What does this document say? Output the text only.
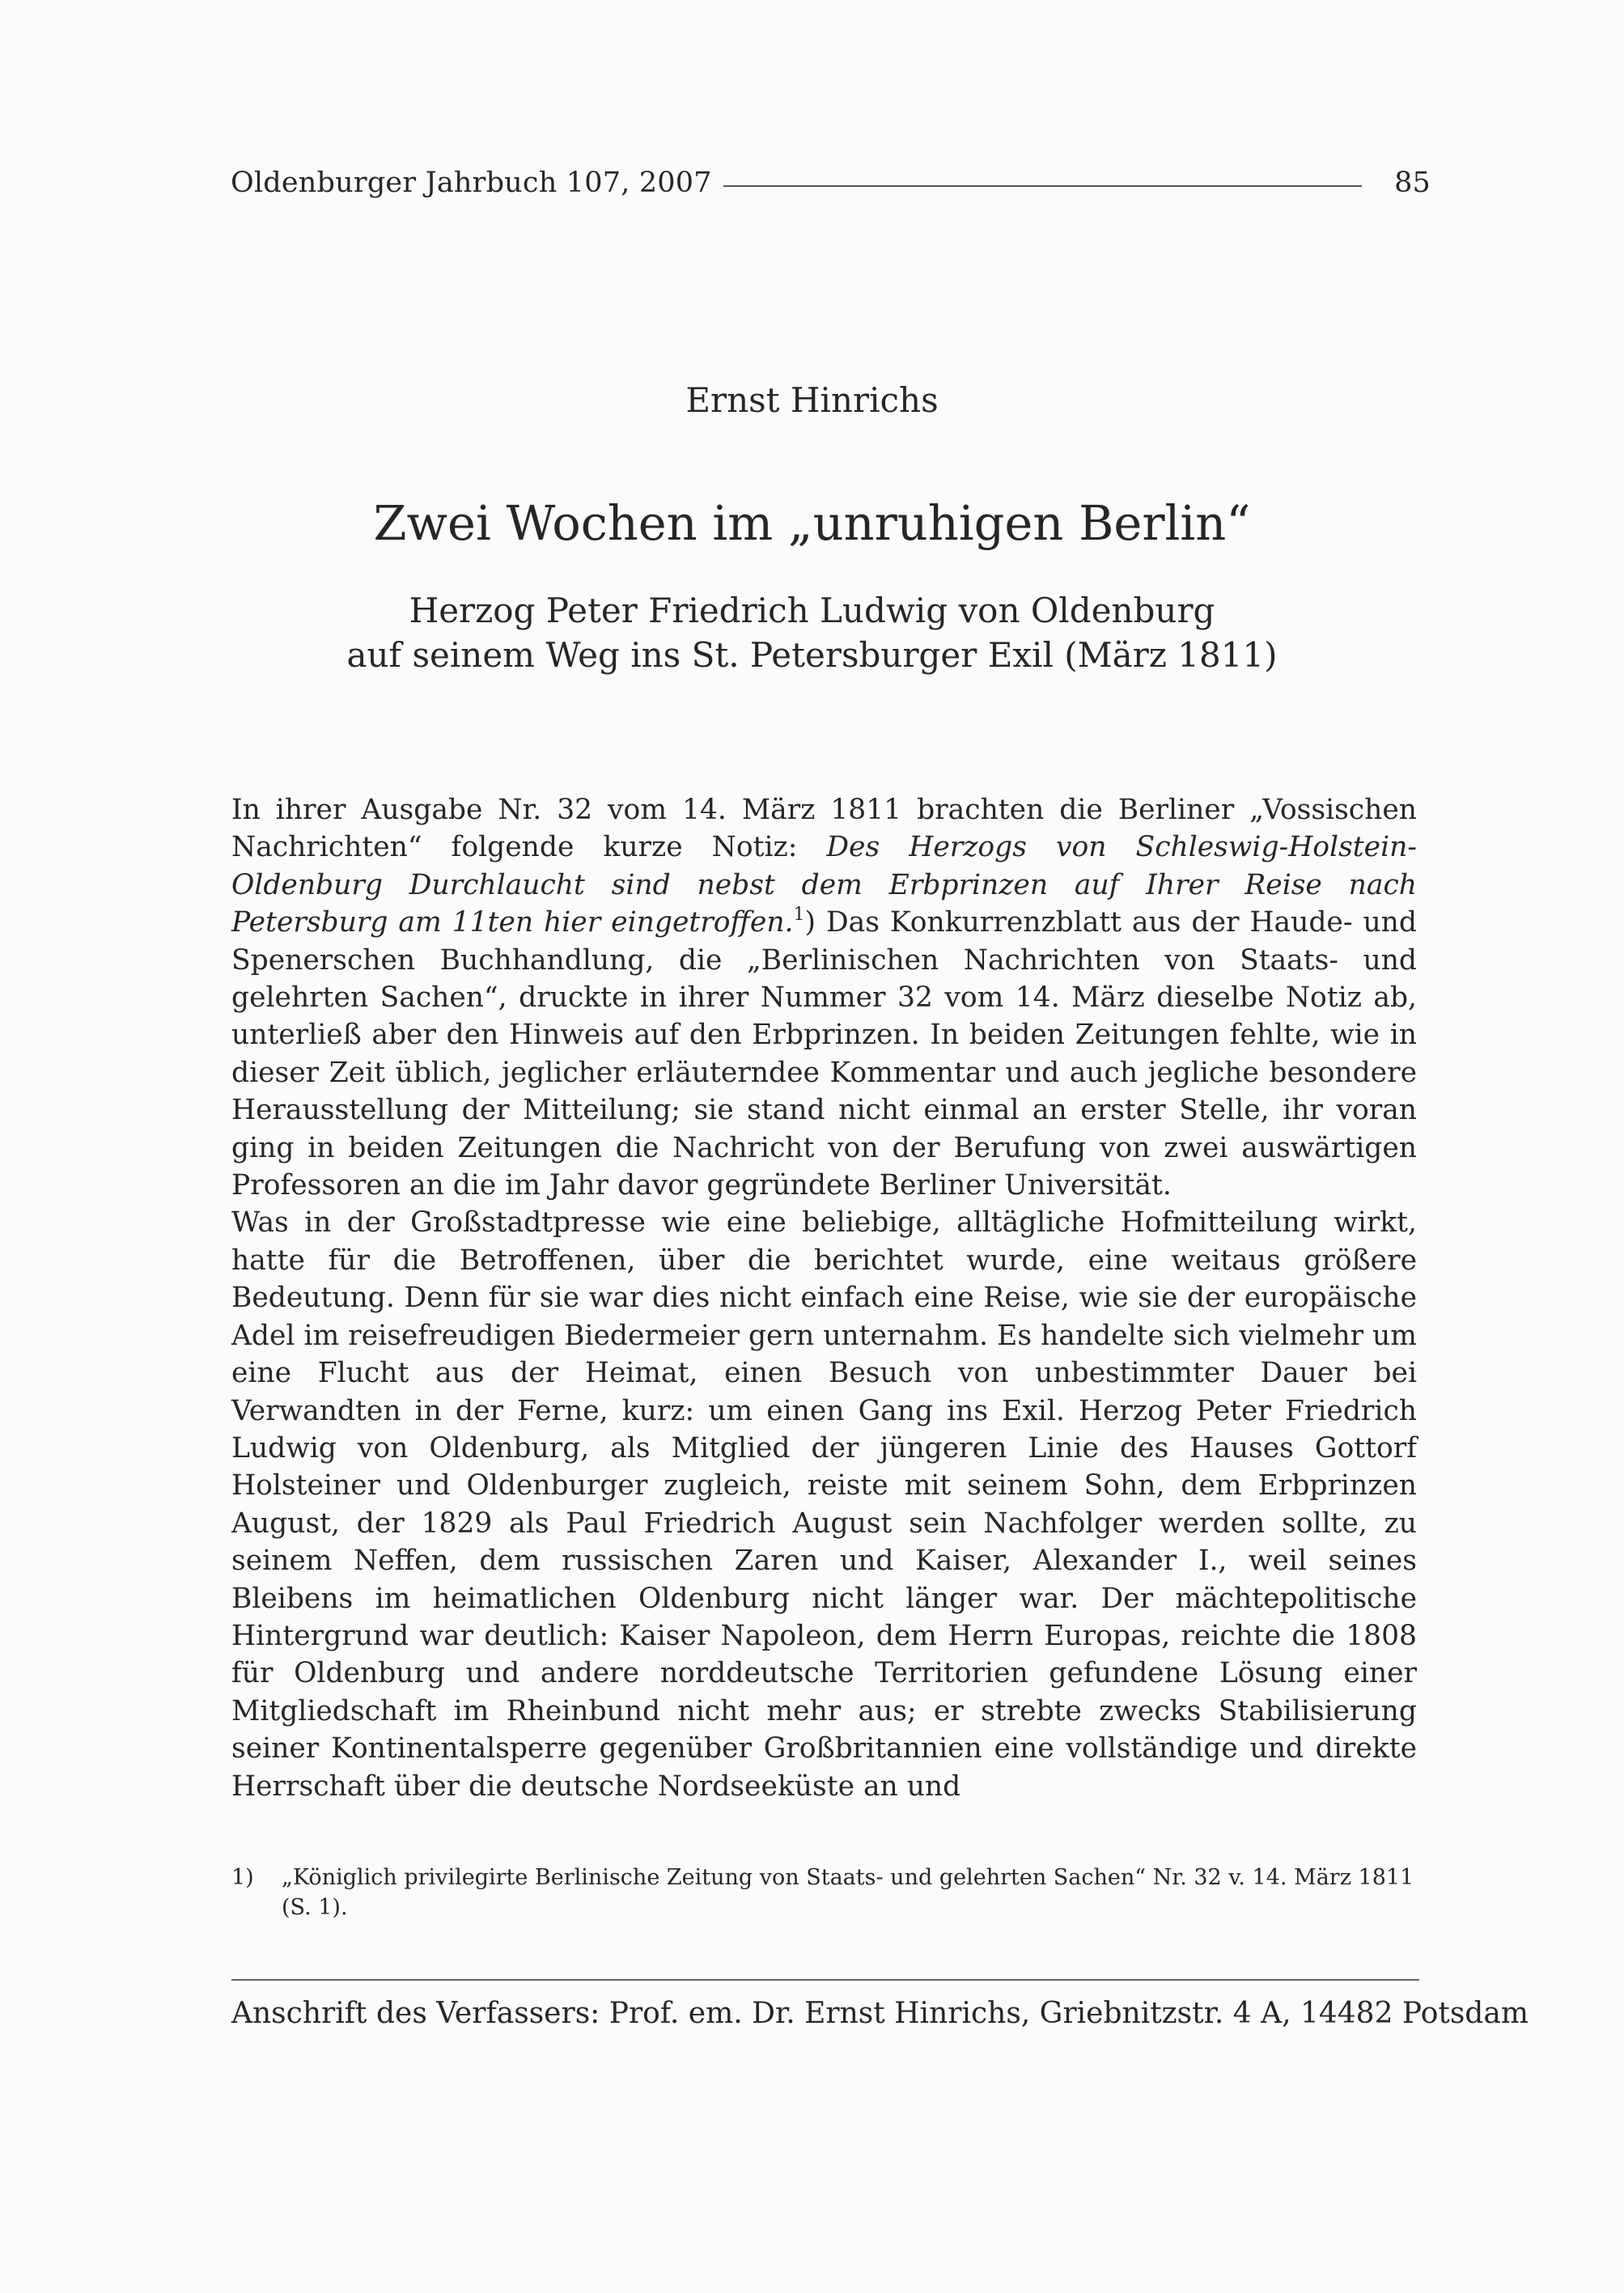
Oldenburger Jahrbuch 107, 2007	85
Ernst Hinrichs
Zwei Wochen im „unruhigen Berlin“
Herzog Peter Friedrich Ludwig von Oldenburg
auf seinem Weg ins St. Petersburger Exil (März 1811)

In ihrer Ausgabe Nr. 32 vom 14. März 1811 brachten die Berliner „Vossischen Nachrichten“ folgende kurze Notiz: Des Herzogs von Schleswig-Holstein-Oldenburg Durchlaucht sind nebst dem Erbprinzen auf Ihrer Reise nach Petersburg am 11ten hier eingetroffen.$^1$) Das Konkurrenzblatt aus der Haude- und Spenerschen Buchhandlung, die „Berlinischen Nachrichten von Staats- und gelehrten Sachen“, druckte in ihrer Nummer 32 vom 14. März dieselbe Notiz ab, unterließ aber den Hinweis auf den Erbprinzen. In beiden Zeitungen fehlte, wie in dieser Zeit üblich, jeglicher erläuterndee Kommentar und auch jegliche besondere Herausstellung der Mitteilung; sie stand nicht einmal an erster Stelle, ihr voran ging in beiden Zeitungen die Nachricht von der Berufung von zwei auswärtigen Professoren an die im Jahr davor gegründete Berliner Universität.

Was in der Großstadtpresse wie eine beliebige, alltägliche Hofmitteilung wirkt, hatte für die Betroffenen, über die berichtet wurde, eine weitaus größere Bedeutung. Denn für sie war dies nicht einfach eine Reise, wie sie der europäische Adel im reisefreudigen Biedermeier gern unternahm. Es handelte sich vielmehr um eine Flucht aus der Heimat, einen Besuch von unbestimmter Dauer bei Verwandten in der Ferne, kurz: um einen Gang ins Exil. Herzog Peter Friedrich Ludwig von Oldenburg, als Mitglied der jüngeren Linie des Hauses Gottorf Holsteiner und Oldenburger zugleich, reiste mit seinem Sohn, dem Erbprinzen August, der 1829 als Paul Friedrich August sein Nachfolger werden sollte, zu seinem Neffen, dem russischen Zaren und Kaiser, Alexander I., weil seines Bleibens im heimatlichen Oldenburg nicht länger war. Der mächtepolitische Hintergrund war deutlich: Kaiser Napoleon, dem Herrn Europas, reichte die 1808 für Oldenburg und andere norddeutsche Territorien gefundene Lösung einer Mitgliedschaft im Rheinbund nicht mehr aus; er strebte zwecks Stabilisierung seiner Kontinentalsperre gegenüber Großbritannien eine vollständige und direkte Herrschaft über die deutsche Nordseeküste an und

1)	„Königlich privilegirte Berlinische Zeitung von Staats- und gelehrten Sachen“ Nr. 32 v. 14. März 1811 (S. 1).
Anschrift des Verfassers: Prof. em. Dr. Ernst Hinrichs, Griebnitzstr. 4 A, 14482 Potsdam
